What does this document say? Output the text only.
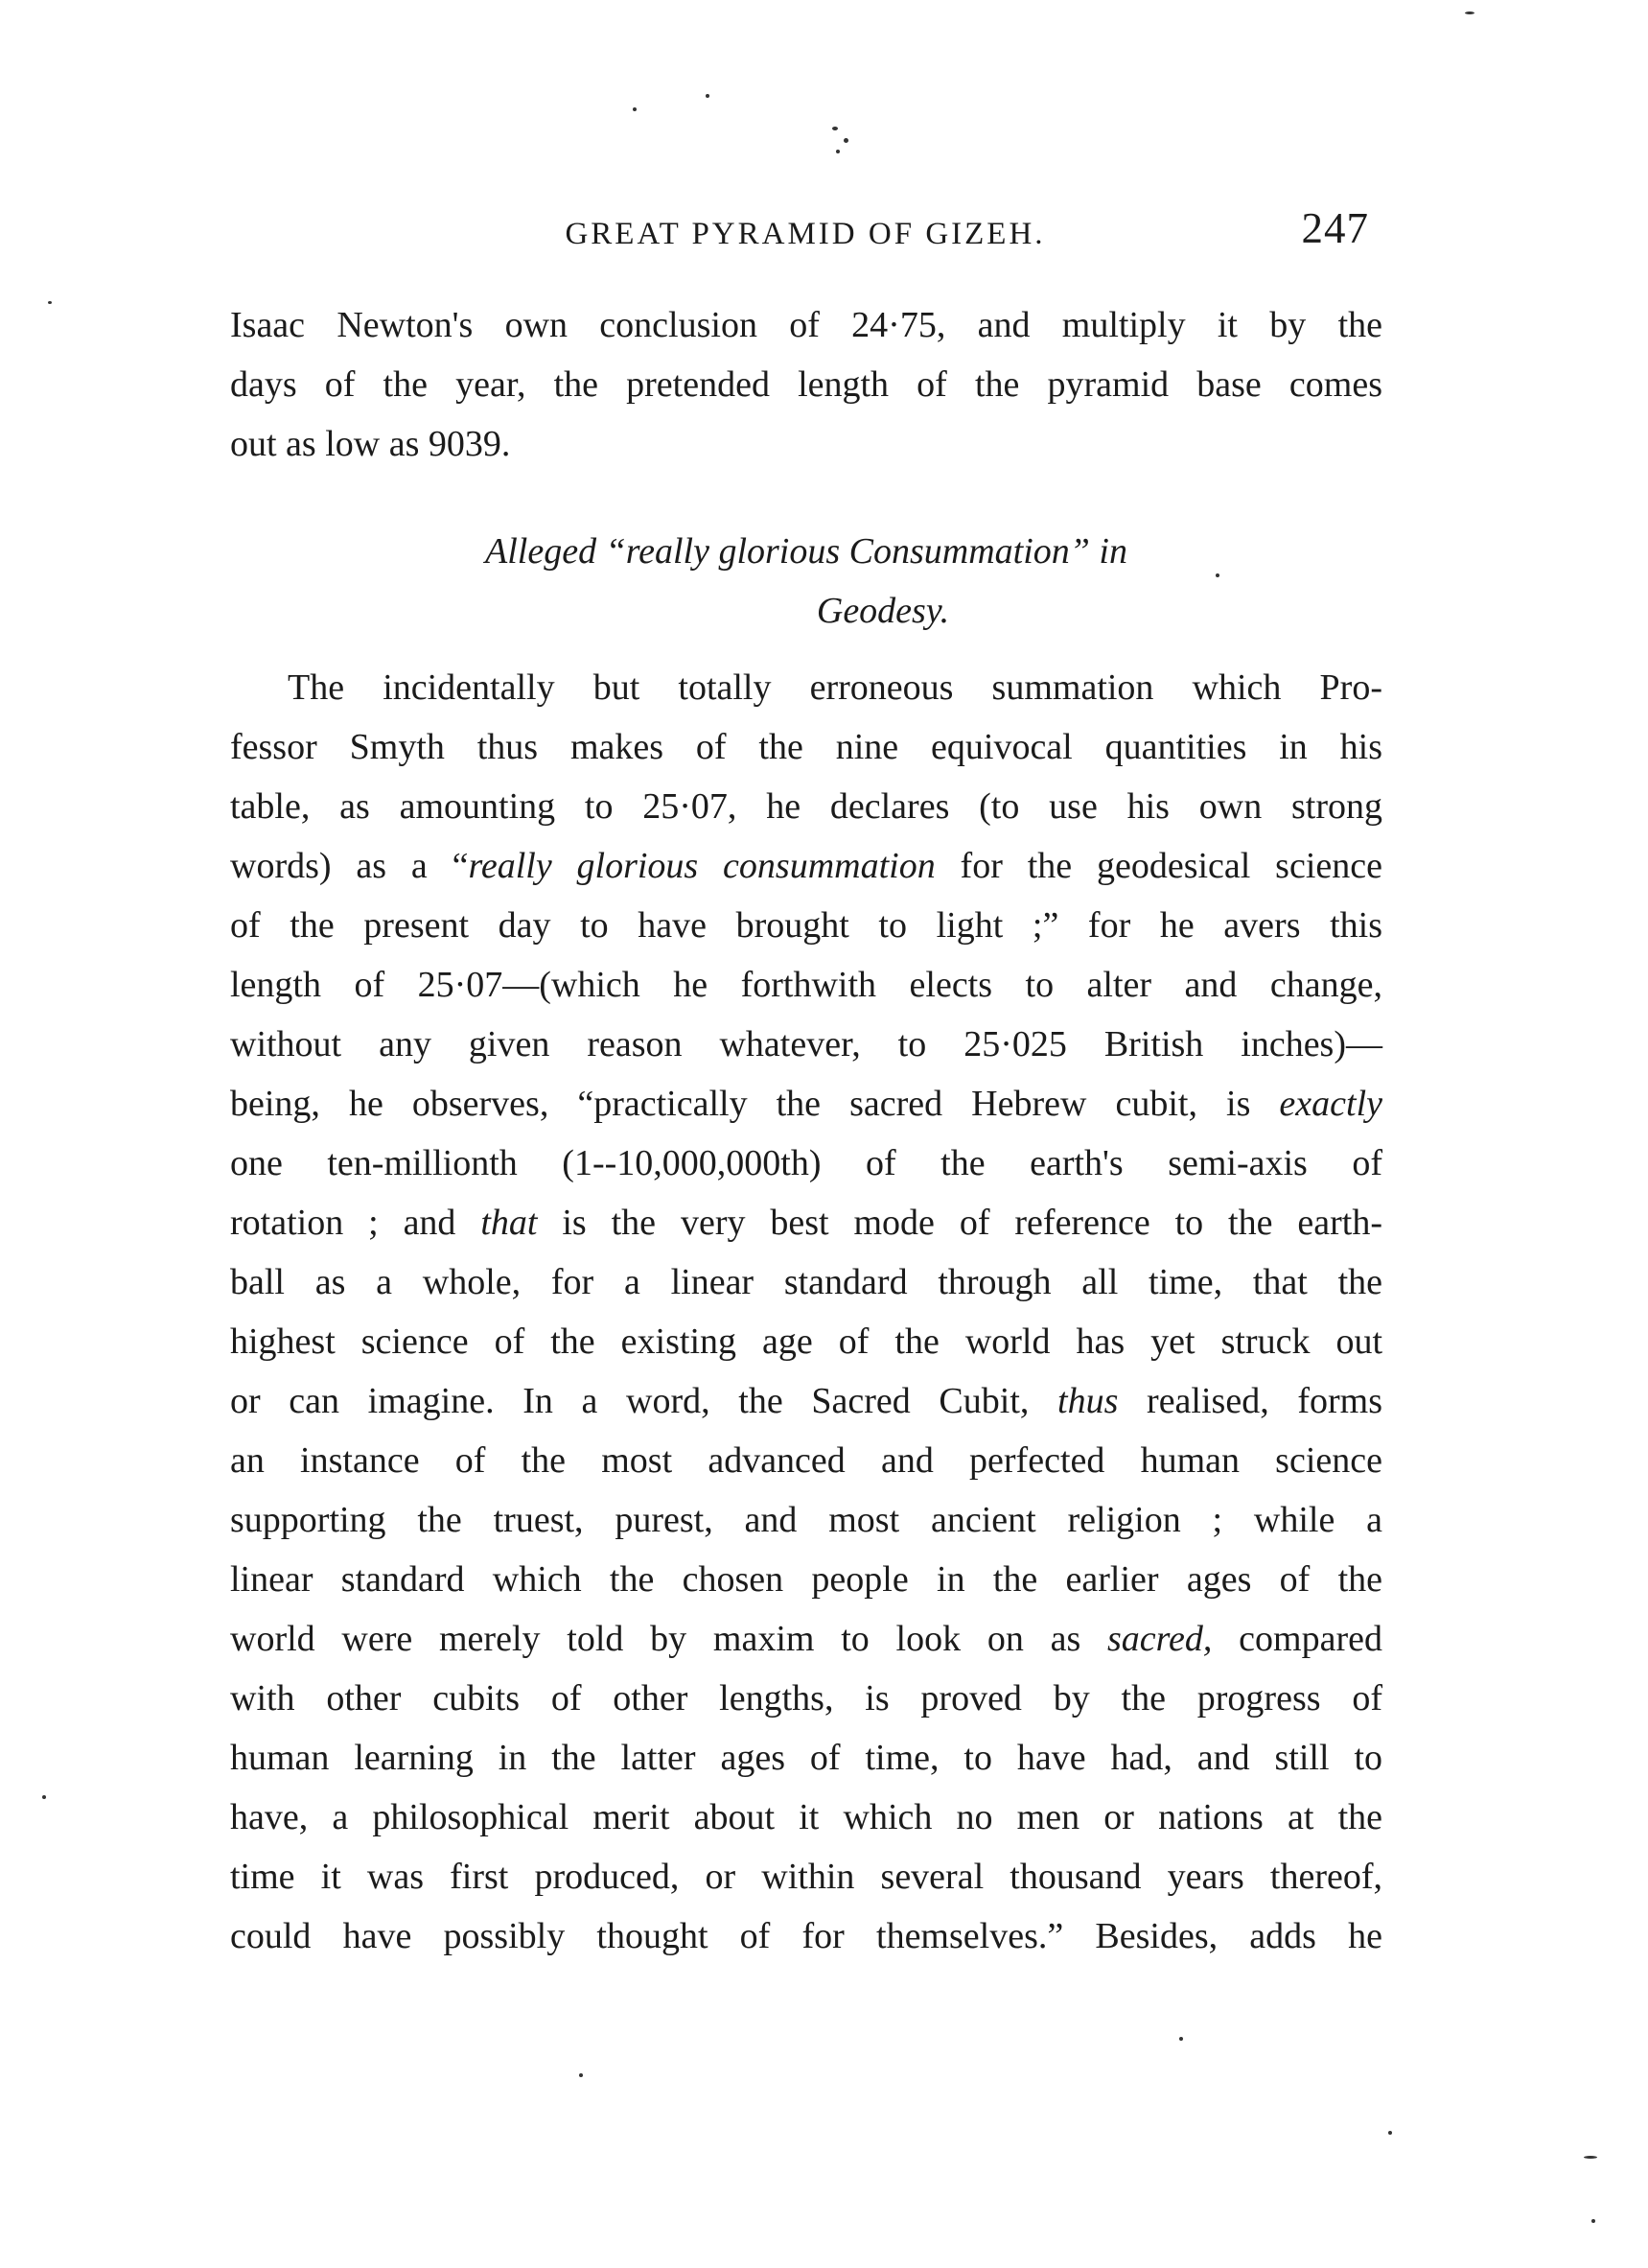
GREAT PYRAMID OF GIZEH.	247
Isaac Newton's own conclusion of 24·75, and multiply it by the
days of the year, the pretended length of the pyramid base comes
out as low as 9039.
Alleged “really glorious Consummation” in
Geodesy.
The incidentally but totally erroneous summation which Pro-
fessor Smyth thus makes of the nine equivocal quantities in his
table, as amounting to 25·07, he declares (to use his own strong
words) as a “really glorious consummation for the geodesical science
of the present day to have brought to light ;” for he avers this
length of 25·07—(which he forthwith elects to alter and change,
without any given reason whatever, to 25·025 British inches)—
being, he observes, “practically the sacred Hebrew cubit, is exactly
one ten-millionth (1--10,000,000th) of the earth's semi-axis of
rotation ; and that is the very best mode of reference to the earth-
ball as a whole, for a linear standard through all time, that the
highest science of the existing age of the world has yet struck out
or can imagine. In a word, the Sacred Cubit, thus realised, forms
an instance of the most advanced and perfected human science
supporting the truest, purest, and most ancient religion ; while a
linear standard which the chosen people in the earlier ages of the
world were merely told by maxim to look on as sacred, compared
with other cubits of other lengths, is proved by the progress of
human learning in the latter ages of time, to have had, and still to
have, a philosophical merit about it which no men or nations at the
time it was first produced, or within several thousand years thereof,
could have possibly thought of for themselves.” Besides, adds he
